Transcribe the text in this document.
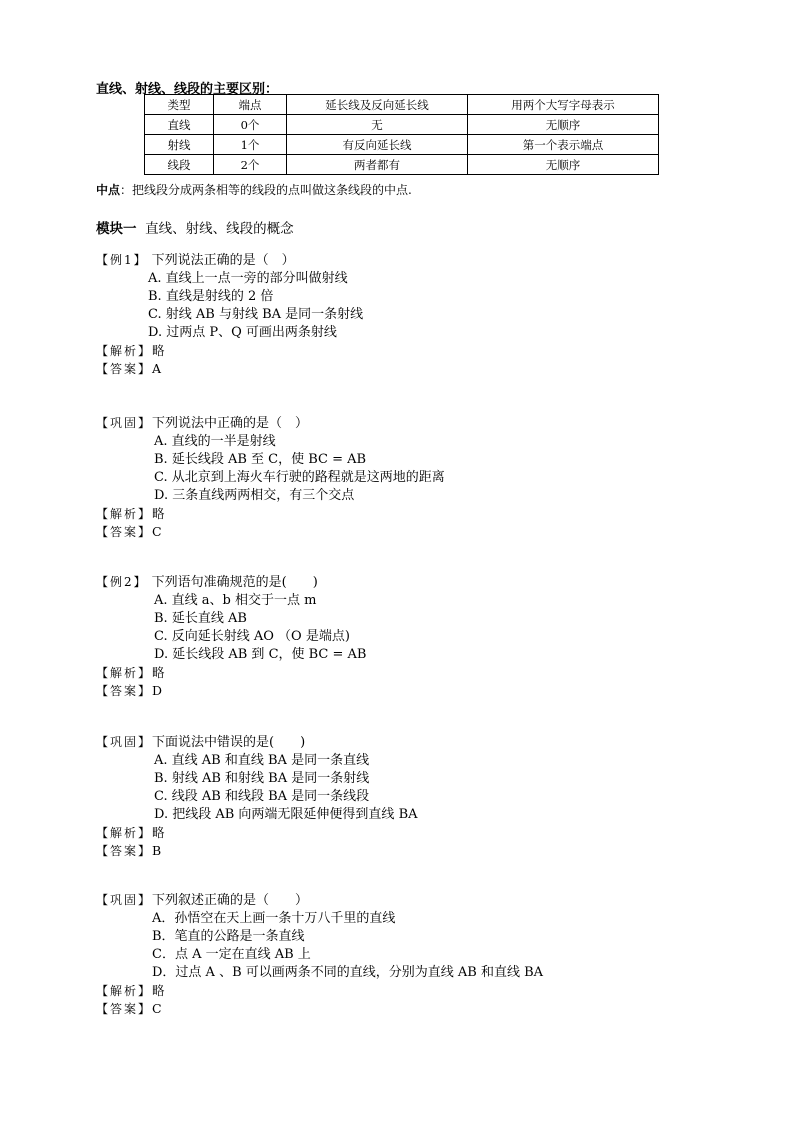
直线、射线、线段的主要区别：
类型	端点	延长线及反向延长线	用两个大写字母表示
直线	0个	无	无顺序
射线	1个	有反向延长线	第一个表示端点
线段	2个	两者都有	无顺序
中点：把线段分成两条相等的线段的点叫做这条线段的中点.
模块一 直线、射线、线段的概念
【例1】 下列说法正确的是（　）
A. 直线上一点一旁的部分叫做射线
B. 直线是射线的 2 倍
C. 射线 AB 与射线 BA 是同一条射线
D. 过两点 P、Q 可画出两条射线
【解析】略
【答案】A
【巩固】下列说法中正确的是（　）
A. 直线的一半是射线
B. 延长线段 AB 至 C，使 BC = AB
C. 从北京到上海火车行驶的路程就是这两地的距离
D. 三条直线两两相交，有三个交点
【解析】略
【答案】C
【例2】 下列语句准确规范的是(　　)
A. 直线 a、b 相交于一点 m
B. 延长直线 AB
C. 反向延长射线 AO （O 是端点)
D. 延长线段 AB 到 C，使 BC = AB
【解析】略
【答案】D
【巩固】下面说法中错误的是(　　)
A. 直线 AB 和直线 BA 是同一条直线
B. 射线 AB 和射线 BA 是同一条射线
C. 线段 AB 和线段 BA 是同一条线段
D. 把线段 AB 向两端无限延伸便得到直线 BA
【解析】略
【答案】B
【巩固】下列叙述正确的是（　　）
A．孙悟空在天上画一条十万八千里的直线
B．笔直的公路是一条直线
C．点 A 一定在直线 AB 上
D．过点 A 、B 可以画两条不同的直线，分别为直线 AB 和直线 BA
【解析】略
【答案】C
